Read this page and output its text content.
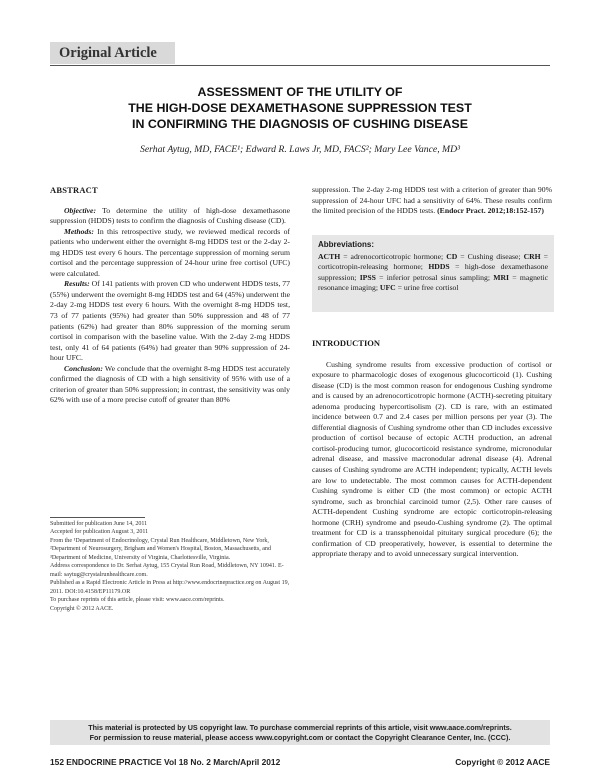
Original Article
ASSESSMENT OF THE UTILITY OF
THE HIGH-DOSE DEXAMETHASONE SUPPRESSION TEST
IN CONFIRMING THE DIAGNOSIS OF CUSHING DISEASE
Serhat Aytug, MD, FACE¹; Edward R. Laws Jr, MD, FACS²; Mary Lee Vance, MD³
ABSTRACT

Objective: To determine the utility of high-dose dexamethasone suppression (HDDS) tests to confirm the diagnosis of Cushing disease (CD).

Methods: In this retrospective study, we reviewed medical records of patients who underwent either the overnight 8-mg HDDS test or the 2-day 2-mg HDDS test every 6 hours. The percentage suppression of morning serum cortisol and the percentage suppression of 24-hour urine free cortisol (UFC) were calculated.

Results: Of 141 patients with proven CD who underwent HDDS tests, 77 (55%) underwent the overnight 8-mg HDDS test and 64 (45%) underwent the 2-day 2-mg HDDS test every 6 hours. With the overnight 8-mg HDDS test, 73 of 77 patients (95%) had greater than 50% suppression and 48 of 77 patients (62%) had greater than 80% suppression of the morning serum cortisol in comparison with the baseline value. With the 2-day 2-mg HDDS test, only 41 of 64 patients (64%) had greater than 90% suppression of 24-hour UFC.

Conclusion: We conclude that the overnight 8-mg HDDS test accurately confirmed the diagnosis of CD with a high sensitivity of 95% with use of a criterion of greater than 50% suppression; in contrast, the sensitivity was only 62% with use of a more precise cutoff of greater than 80%

suppression. The 2-day 2-mg HDDS test with a criterion of greater than 90% suppression of 24-hour UFC had a sensitivity of 64%. These results confirm the limited precision of the HDDS tests. (Endocr Pract. 2012;18:152-157)

Abbreviations:
ACTH = adrenocorticotropic hormone; CD = Cushing disease; CRH = corticotropin-releasing hormone; HDDS = high-dose dexamethasone suppression; IPSS = inferior petrosal sinus sampling; MRI = magnetic resonance imaging; UFC = urine free cortisol
INTRODUCTION

Cushing syndrome results from excessive production of cortisol or exposure to pharmacologic doses of exogenous glucocorticoid (1). Cushing disease (CD) is the most common reason for endogenous Cushing syndrome and is caused by an adrenocorticotropic hormone (ACTH)-secreting pituitary adenoma producing hypercortisolism (2). CD is rare, with an estimated incidence between 0.7 and 2.4 cases per million persons per year (3). The differential diagnosis of Cushing syndrome other than CD includes excessive production of cortisol because of ectopic ACTH production, an adrenal cortisol-producing tumor, glucocorticoid resistance syndrome, micronodular adrenal disease, and massive macronodular adrenal disease (4). Adrenal causes of Cushing syndrome are ACTH independent; typically, ACTH levels are low to undetectable. The most common causes for ACTH-dependent Cushing syndrome is either CD (the most common) or ectopic ACTH syndrome, such as bronchial carcinoid tumor (2,5). Other rare causes of ACTH-dependent Cushing syndrome are ectopic corticotropin-releasing hormone (CRH) syndrome and pseudo-Cushing syndrome (2). The optimal treatment for CD is a transsphenoidal pituitary surgical procedure (6); the confirmation of CD preoperatively, however, is essential to determine the appropriate therapy and to avoid unnecessary surgical intervention.

Submitted for publication June 14, 2011

Accepted for publication August 3, 2011

From the ¹Department of Endocrinology, Crystal Run Healthcare, Middletown, New York, ²Department of Neurosurgery, Brigham and Women's Hospital, Boston, Massachusetts, and ³Department of Medicine, University of Virginia, Charlottesville, Virginia.

Address correspondence to Dr. Serhat Aytug, 155 Crystal Run Road, Middletown, NY 10941. E-mail: saytug@crystalrunhealthcare.com.

Published as a Rapid Electronic Article in Press at http://www.endocrinepractice.org on August 19, 2011. DOI:10.4158/EP11179.OR

To purchase reprints of this article, please visit: www.aace.com/reprints.

Copyright © 2012 AACE.

This material is protected by US copyright law. To purchase commercial reprints of this article, visit www.aace.com/reprints.
For permission to reuse material, please access www.copyright.com or contact the Copyright Clearance Center, Inc. (CCC).
152 ENDOCRINE PRACTICE Vol 18 No. 2 March/April 2012	Copyright © 2012 AACE
